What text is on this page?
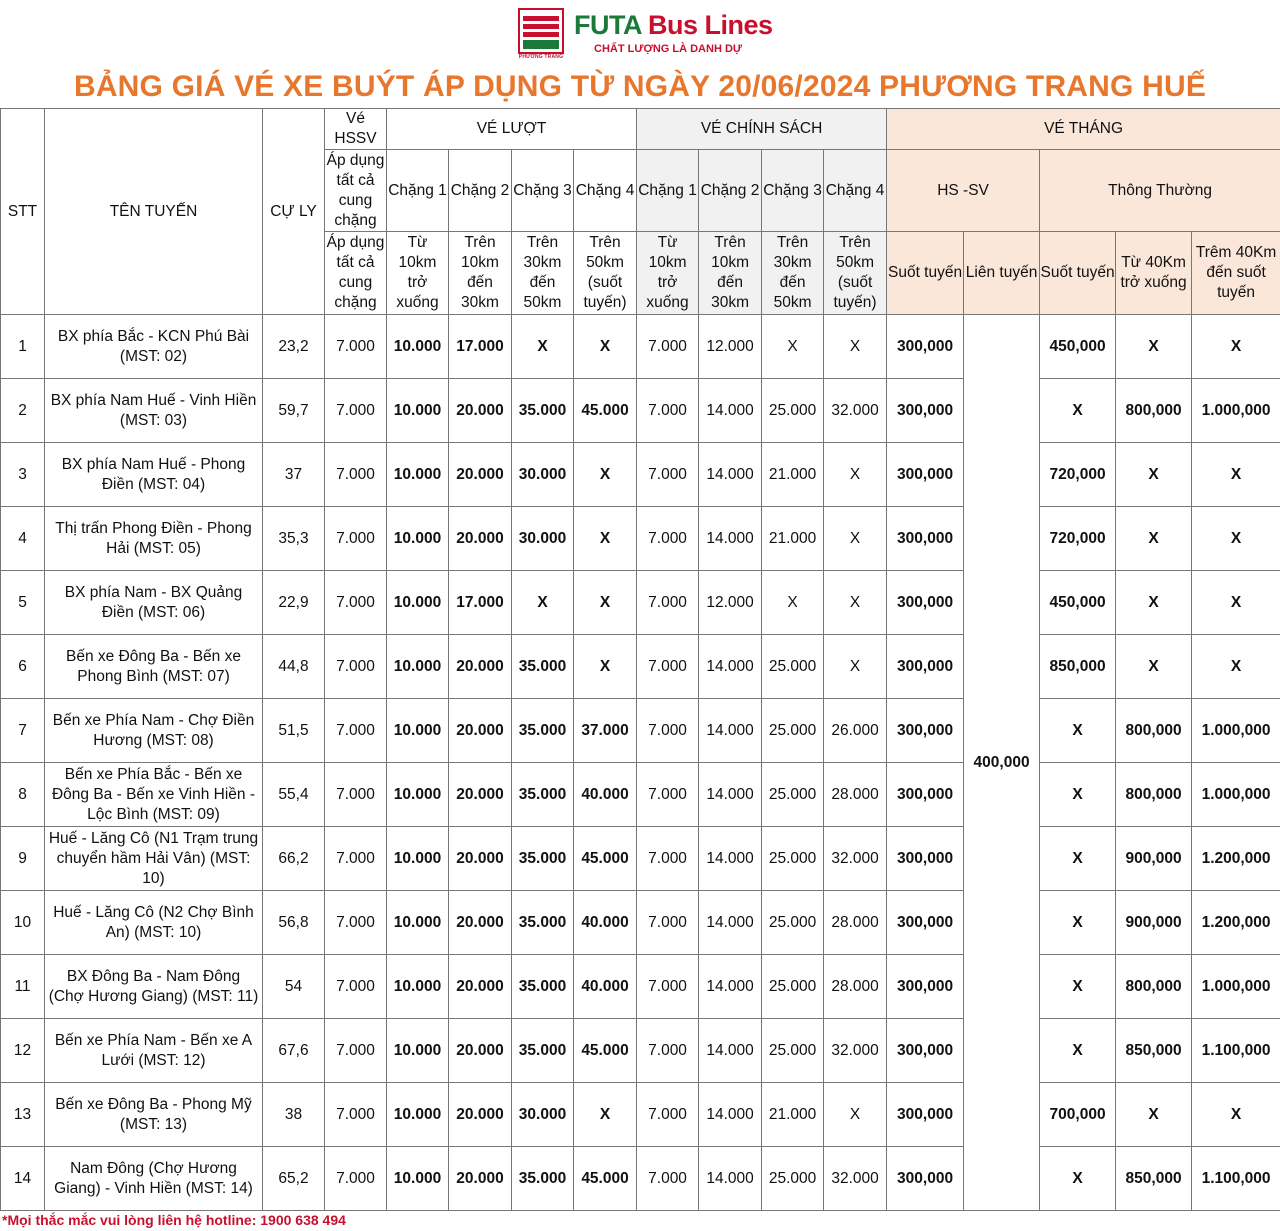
PHƯƠNG TRANG
FUTA Bus Lines
CHẤT LƯỢNG LÀ DANH DỰ
BẢNG GIÁ VÉ XE BUÝT ÁP DỤNG TỪ NGÀY 20/06/2024 PHƯƠNG TRANG HUẾ
STT	TÊN TUYẾN	CỰ LY	Vé HSSV	VÉ LƯỢT				VÉ CHÍNH SÁCH				VÉ THÁNG				
			Áp dụng tất cả cung chặng	Chặng 1	Chặng 2	Chặng 3	Chặng 4	Chặng 1	Chặng 2	Chặng 3	Chặng 4	HS -SV		Thông Thường		
			Áp dụng tất cả cung chặng	Từ 10km trở xuống	Trên 10km đến 30km	Trên 30km đến 50km	Trên 50km (suốt tuyến)	Từ 10km trở xuống	Trên 10km đến 30km	Trên 30km đến 50km	Trên 50km (suốt tuyến)	Suốt tuyến	Liên tuyến	Suốt tuyến	Từ 40Km trở xuống	Trêm 40Km đến suốt tuyến
1	BX phía Bắc - KCN Phú Bài (MST: 02)	23,2	7.000	10.000	17.000	X	X	7.000	12.000	X	X	300,000	400,000	450,000	X	X
2	BX phía Nam Huế - Vinh Hiền (MST: 03)	59,7	7.000	10.000	20.000	35.000	45.000	7.000	14.000	25.000	32.000	300,000		X	800,000	1.000,000
3	BX phía Nam Huế - Phong Điền (MST: 04)	37	7.000	10.000	20.000	30.000	X	7.000	14.000	21.000	X	300,000		720,000	X	X
4	Thị trấn Phong Điền - Phong Hải (MST: 05)	35,3	7.000	10.000	20.000	30.000	X	7.000	14.000	21.000	X	300,000		720,000	X	X
5	BX phía Nam - BX Quảng Điền (MST: 06)	22,9	7.000	10.000	17.000	X	X	7.000	12.000	X	X	300,000		450,000	X	X
6	Bến xe Đông Ba - Bến xe Phong Bình (MST: 07)	44,8	7.000	10.000	20.000	35.000	X	7.000	14.000	25.000	X	300,000		850,000	X	X
7	Bến xe Phía Nam - Chợ Điền Hương (MST: 08)	51,5	7.000	10.000	20.000	35.000	37.000	7.000	14.000	25.000	26.000	300,000		X	800,000	1.000,000
8	Bến xe Phía Bắc - Bến xe Đông Ba - Bến xe Vinh Hiền - Lộc Bình (MST: 09)	55,4	7.000	10.000	20.000	35.000	40.000	7.000	14.000	25.000	28.000	300,000		X	800,000	1.000,000
9	Huế - Lăng Cô (N1 Trạm trung chuyển hầm Hải Vân) (MST: 10)	66,2	7.000	10.000	20.000	35.000	45.000	7.000	14.000	25.000	32.000	300,000		X	900,000	1.200,000
10	Huế - Lăng Cô (N2 Chợ Bình An) (MST: 10)	56,8	7.000	10.000	20.000	35.000	40.000	7.000	14.000	25.000	28.000	300,000		X	900,000	1.200,000
11	BX Đông Ba - Nam Đông (Chợ Hương Giang) (MST: 11)	54	7.000	10.000	20.000	35.000	40.000	7.000	14.000	25.000	28.000	300,000		X	800,000	1.000,000
12	Bến xe Phía Nam - Bến xe A Lưới (MST: 12)	67,6	7.000	10.000	20.000	35.000	45.000	7.000	14.000	25.000	32.000	300,000		X	850,000	1.100,000
13	Bến xe Đông Ba - Phong Mỹ (MST: 13)	38	7.000	10.000	20.000	30.000	X	7.000	14.000	21.000	X	300,000		700,000	X	X
14	Nam Đông (Chợ Hương Giang) - Vinh Hiền (MST: 14)	65,2	7.000	10.000	20.000	35.000	45.000	7.000	14.000	25.000	32.000	300,000		X	850,000	1.100,000
*Mọi thắc mắc vui lòng liên hệ hotline: 1900 638 494
